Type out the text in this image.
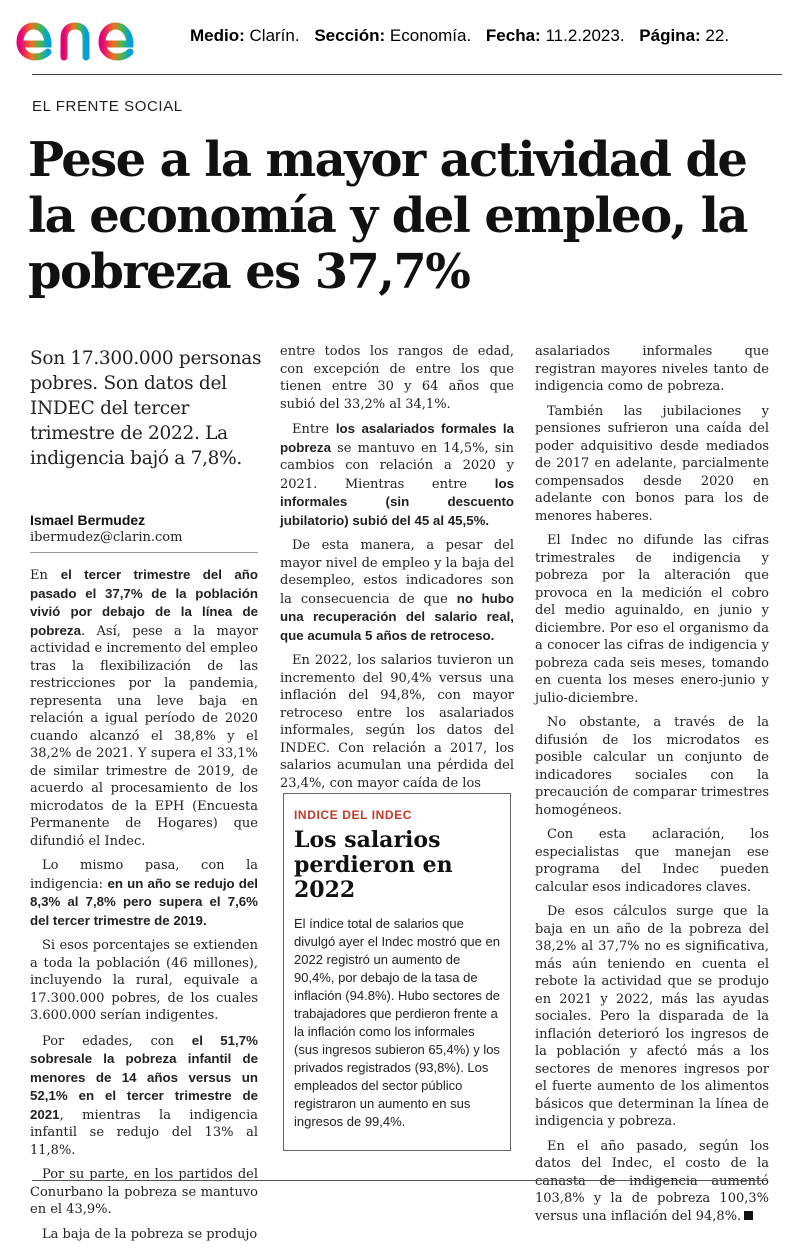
Medio: Clarín. Sección: Economía. Fecha: 11.2.2023. Página: 22.
EL FRENTE SOCIAL
Pese a la mayor actividad de la economía y del empleo, la pobreza es 37,7%
Son 17.300.000 personas pobres. Son datos del INDEC del tercer trimestre de 2022. La indigencia bajó a 7,8%.
Ismael Bermudez
ibermudez@clarin.com

En el tercer trimestre del año pasado el 37,7% de la población vivió por debajo de la línea de pobreza. Así, pese a la mayor actividad e incremento del empleo tras la flexibilización de las restricciones por la pandemia, representa una leve baja en relación a igual período de 2020 cuando alcanzó el 38,8% y el 38,2% de 2021. Y supera el 33,1% de similar trimestre de 2019, de acuerdo al procesamiento de los microdatos de la EPH (Encuesta Permanente de Hogares) que difundió el Indec.

Lo mismo pasa, con la indigencia: en un año se redujo del 8,3% al 7,8% pero supera el 7,6% del tercer trimestre de 2019.

Si esos porcentajes se extienden a toda la población (46 millones), incluyendo la rural, equivale a 17.300.000 pobres, de los cuales 3.600.000 serían indigentes.

Por edades, con el 51,7% sobresale la pobreza infantil de menores de 14 años versus un 52,1% en el tercer trimestre de 2021, mientras la indigencia infantil se redujo del 13% al 11,8%.

Por su parte, en los partidos del Conurbano la pobreza se mantuvo en el 43,9%.

La baja de la pobreza se produjo

entre todos los rangos de edad, con excepción de entre los que tienen entre 30 y 64 años que subió del 33,2% al 34,1%.

Entre los asalariados formales la pobreza se mantuvo en 14,5%, sin cambios con relación a 2020 y 2021. Mientras entre los informales (sin descuento jubilatorio) subió del 45 al 45,5%.

De esta manera, a pesar del mayor nivel de empleo y la baja del desempleo, estos indicadores son la consecuencia de que no hubo una recuperación del salario real, que acumula 5 años de retroceso.

En 2022, los salarios tuvieron un incremento del 90,4% versus una inflación del 94,8%, con mayor retroceso entre los asalariados informales, según los datos del INDEC. Con relación a 2017, los salarios acumulan una pérdida del 23,4%, con mayor caída de los

INDICE DEL INDEC
Los salarios perdieron en 2022

El índice total de salarios que divulgó ayer el Indec mostró que en 2022 registró un aumento de 90,4%, por debajo de la tasa de inflación (94.8%). Hubo sectores de trabajadores que perdieron frente a la inflación como los informales (sus ingresos subieron 65,4%) y los privados registrados (93,8%). Los empleados del sector público registraron un aumento en sus ingresos de 99,4%.

asalariados informales que registran mayores niveles tanto de indigencia como de pobreza.

También las jubilaciones y pensiones sufrieron una caída del poder adquisitivo desde mediados de 2017 en adelante, parcialmente compensados desde 2020 en adelante con bonos para los de menores haberes.

El Indec no difunde las cifras trimestrales de indigencia y pobreza por la alteración que provoca en la medición el cobro del medio aguinaldo, en junio y diciembre. Por eso el organismo da a conocer las cifras de indigencia y pobreza cada seis meses, tomando en cuenta los meses enero-junio y julio-diciembre.

No obstante, a través de la difusión de los microdatos es posible calcular un conjunto de indicadores sociales con la precaución de comparar trimestres homogéneos.

Con esta aclaración, los especialistas que manejan ese programa del Indec pueden calcular esos indicadores claves.

De esos cálculos surge que la baja en un año de la pobreza del 38,2% al 37,7% no es significativa, más aún teniendo en cuenta el rebote la actividad que se produjo en 2021 y 2022, más las ayudas sociales. Pero la disparada de la inflación deterioró los ingresos de la población y afectó más a los sectores de menores ingresos por el fuerte aumento de los alimentos básicos que determinan la línea de indigencia y pobreza.

En el año pasado, según los datos del Indec, el costo de la canasta de indigencia aumentó 103,8% y la de pobreza 100,3% versus una inflación del 94,8%.
